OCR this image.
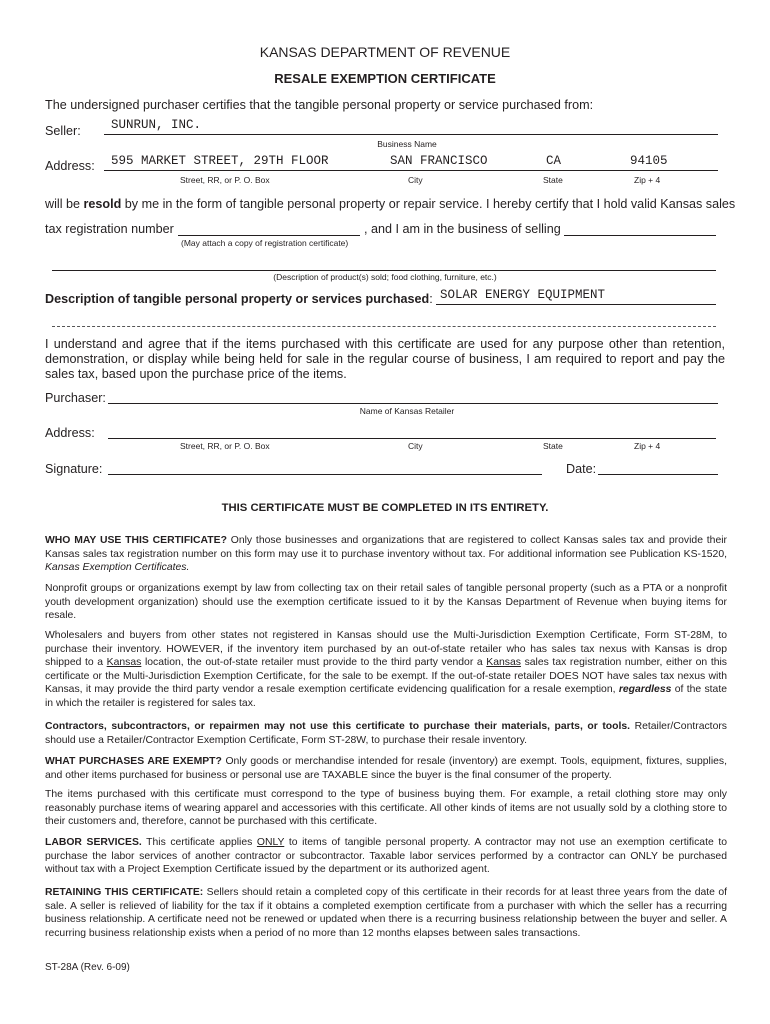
KANSAS DEPARTMENT OF REVENUE
RESALE EXEMPTION CERTIFICATE
The undersigned purchaser certifies that the tangible personal property or service purchased from:
Seller: SUNRUN, INC.
Business Name
Address: 595 MARKET STREET, 29TH FLOOR	SAN FRANCISCO	CA	94105
Street, RR, or P. O. Box	City	State	Zip + 4
will be resold by me in the form of tangible personal property or repair service. I hereby certify that I hold valid Kansas sales
tax registration number	, and I am in the business of selling
(May attach a copy of registration certificate)
(Description of product(s) sold; food clothing, furniture, etc.)
Description of tangible personal property or services purchased: SOLAR ENERGY EQUIPMENT
I understand and agree that if the items purchased with this certificate are used for any purpose other than retention, demonstration, or display while being held for sale in the regular course of business, I am required to report and pay the sales tax, based upon the purchase price of the items.
Purchaser:
Name of Kansas Retailer
Address:
Street, RR, or P. O. Box	City	State	Zip + 4
Signature:	Date:
THIS CERTIFICATE MUST BE COMPLETED IN ITS ENTIRETY.
WHO MAY USE THIS CERTIFICATE? Only those businesses and organizations that are registered to collect Kansas sales tax and provide their Kansas sales tax registration number on this form may use it to purchase inventory without tax. For additional information see Publication KS-1520, Kansas Exemption Certificates.
Nonprofit groups or organizations exempt by law from collecting tax on their retail sales of tangible personal property (such as a PTA or a nonprofit youth development organization) should use the exemption certificate issued to it by the Kansas Department of Revenue when buying items for resale.
Wholesalers and buyers from other states not registered in Kansas should use the Multi-Jurisdiction Exemption Certificate, Form ST-28M, to purchase their inventory. HOWEVER, if the inventory item purchased by an out-of-state retailer who has sales tax nexus with Kansas is drop shipped to a Kansas location, the out-of-state retailer must provide to the third party vendor a Kansas sales tax registration number, either on this certificate or the Multi-Jurisdiction Exemption Certificate, for the sale to be exempt. If the out-of-state retailer DOES NOT have sales tax nexus with Kansas, it may provide the third party vendor a resale exemption certificate evidencing qualification for a resale exemption, regardless of the state in which the retailer is registered for sales tax.
Contractors, subcontractors, or repairmen may not use this certificate to purchase their materials, parts, or tools. Retailer/Contractors should use a Retailer/Contractor Exemption Certificate, Form ST-28W, to purchase their resale inventory.
WHAT PURCHASES ARE EXEMPT? Only goods or merchandise intended for resale (inventory) are exempt. Tools, equipment, fixtures, supplies, and other items purchased for business or personal use are TAXABLE since the buyer is the final consumer of the property.
The items purchased with this certificate must correspond to the type of business buying them. For example, a retail clothing store may only reasonably purchase items of wearing apparel and accessories with this certificate. All other kinds of items are not usually sold by a clothing store to their customers and, therefore, cannot be purchased with this certificate.
LABOR SERVICES. This certificate applies ONLY to items of tangible personal property. A contractor may not use an exemption certificate to purchase the labor services of another contractor or subcontractor. Taxable labor services performed by a contractor can ONLY be purchased without tax with a Project Exemption Certificate issued by the department or its authorized agent.
RETAINING THIS CERTIFICATE: Sellers should retain a completed copy of this certificate in their records for at least three years from the date of sale. A seller is relieved of liability for the tax if it obtains a completed exemption certificate from a purchaser with which the seller has a recurring business relationship. A certificate need not be renewed or updated when there is a recurring business relationship between the buyer and seller. A recurring business relationship exists when a period of no more than 12 months elapses between sales transactions.
ST-28A (Rev. 6-09)
